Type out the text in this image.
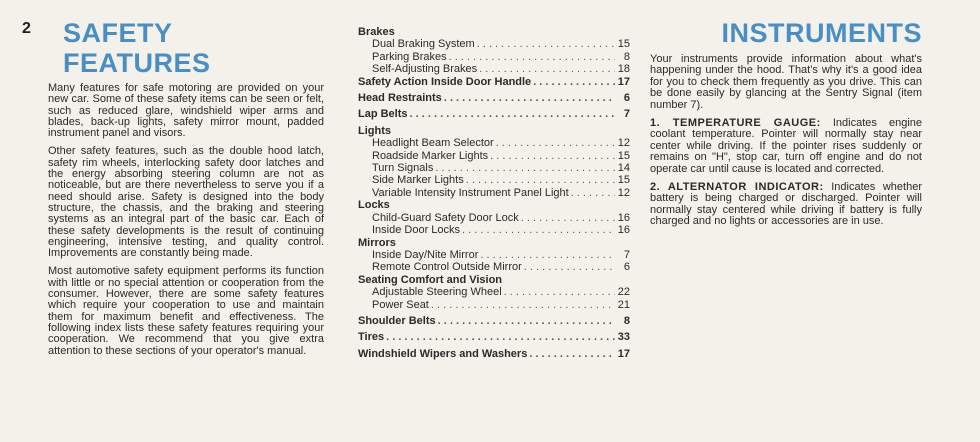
2 SAFETY FEATURES

Many features for safe motoring are provided on your new car. Some of these safety items can be seen or felt, such as reduced glare, windshield wiper arms and blades, back-up lights, safety mirror mount, padded instrument panel and visors.

Other safety features, such as the double hood latch, safety rim wheels, interlocking safety door latches and the energy absorbing steering column are not as noticeable, but are there nevertheless to serve you if a need should arise. Safety is designed into the body structure, the chassis, and the braking and steering systems as an integral part of the basic car. Each of these safety developments is the result of continuing engineering, intensive testing, and quality control. Improvements are constantly being made.

Most automotive safety equipment performs its function with little or no special attention or cooperation from the consumer. However, there are some safety features which require your cooperation to use and maintain them for maximum benefit and effectiveness. The following index lists these safety features requiring your cooperation. We recommend that you give extra attention to these sections of your operator's manual.

Brakes
Dual Braking System . . .	15
Parking Brakes . . .	8
Self-Adjusting Brakes . . .	18
Safety Action Inside Door Handle . . .	17
Head Restraints . . .	6
Lap Belts . . .	7
Lights
Headlight Beam Selector . . .	12
Roadside Marker Lights . . .	15
Turn Signals . . .	14
Side Marker Lights . . .	15
Variable Intensity Instrument Panel Light . . .	12
Locks
Child-Guard Safety Door Lock . . .	16
Inside Door Locks . . .	16
Mirrors
Inside Day/Nite Mirror . . .	7
Remote Control Outside Mirror . . .	6
Seating Comfort and Vision
Adjustable Steering Wheel . . .	22
Power Seat . . .	21
Shoulder Belts . . .	8
Tires . . .	33
Windshield Wipers and Washers . . .	17
INSTRUMENTS

Your instruments provide information about what's happening under the hood. That's why it's a good idea for you to check them frequently as you drive. This can be done easily by glancing at the Sentry Signal (item number 7).

1. TEMPERATURE GAUGE: Indicates engine coolant temperature. Pointer will normally stay near center while driving. If the pointer rises suddenly or remains on "H", stop car, turn off engine and do not operate car until cause is located and corrected.

2. ALTERNATOR INDICATOR: Indicates whether battery is being charged or discharged. Pointer will normally stay centered while driving if battery is fully charged and no lights or accessories are in use.
